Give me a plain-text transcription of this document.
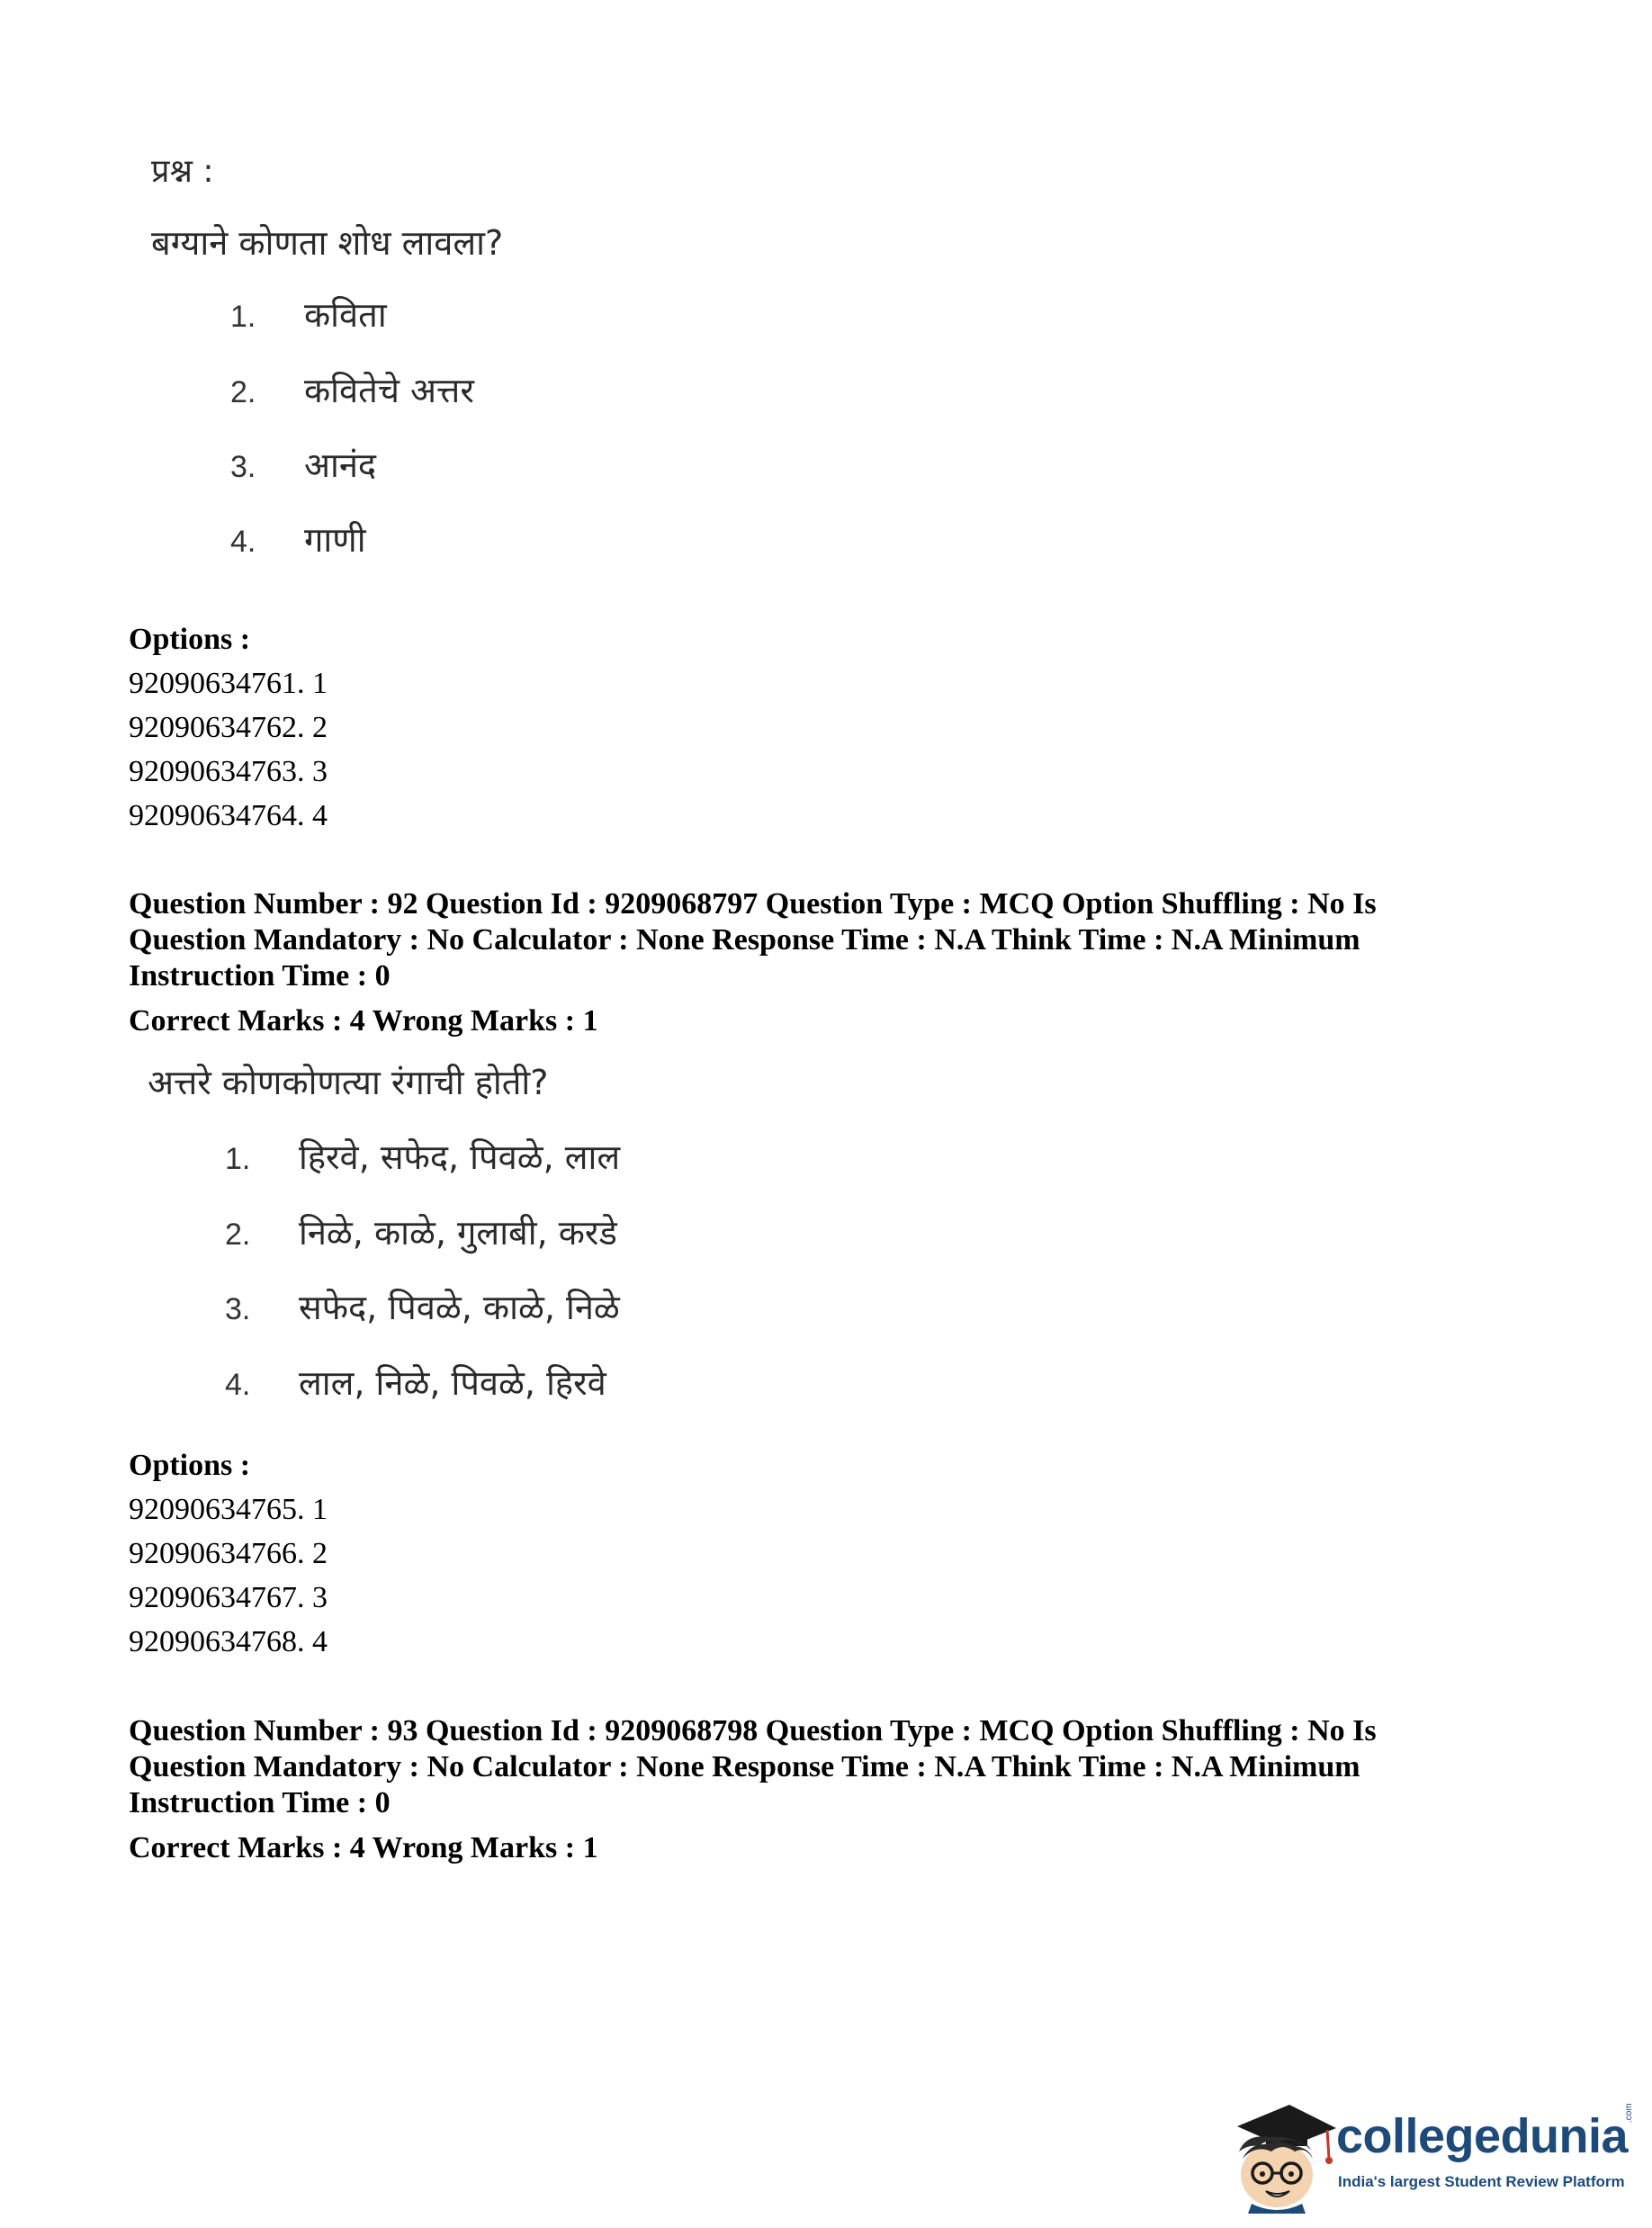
प्रश्न :
बग्याने कोणता शोध लावला?
1. कविता
2. कवितेचे अत्तर
3. आनंद
4. गाणी
Options :
92090634761. 1
92090634762. 2
92090634763. 3
92090634764. 4
Question Number : 92 Question Id : 9209068797 Question Type : MCQ Option Shuffling : No Is
Question Mandatory : No Calculator : None Response Time : N.A Think Time : N.A Minimum
Instruction Time : 0
Correct Marks : 4 Wrong Marks : 1
अत्तरे कोणकोणत्या रंगाची होती?
1. हिरवे, सफेद, पिवळे, लाल
2. निळे, काळे, गुलाबी, करडे
3. सफेद, पिवळे, काळे, निळे
4. लाल, निळे, पिवळे, हिरवे
Options :
92090634765. 1
92090634766. 2
92090634767. 3
92090634768. 4
Question Number : 93 Question Id : 9209068798 Question Type : MCQ Option Shuffling : No Is
Question Mandatory : No Calculator : None Response Time : N.A Think Time : N.A Minimum
Instruction Time : 0
Correct Marks : 4 Wrong Marks : 1
collegedunia
.com
India's largest Student Review Platform
